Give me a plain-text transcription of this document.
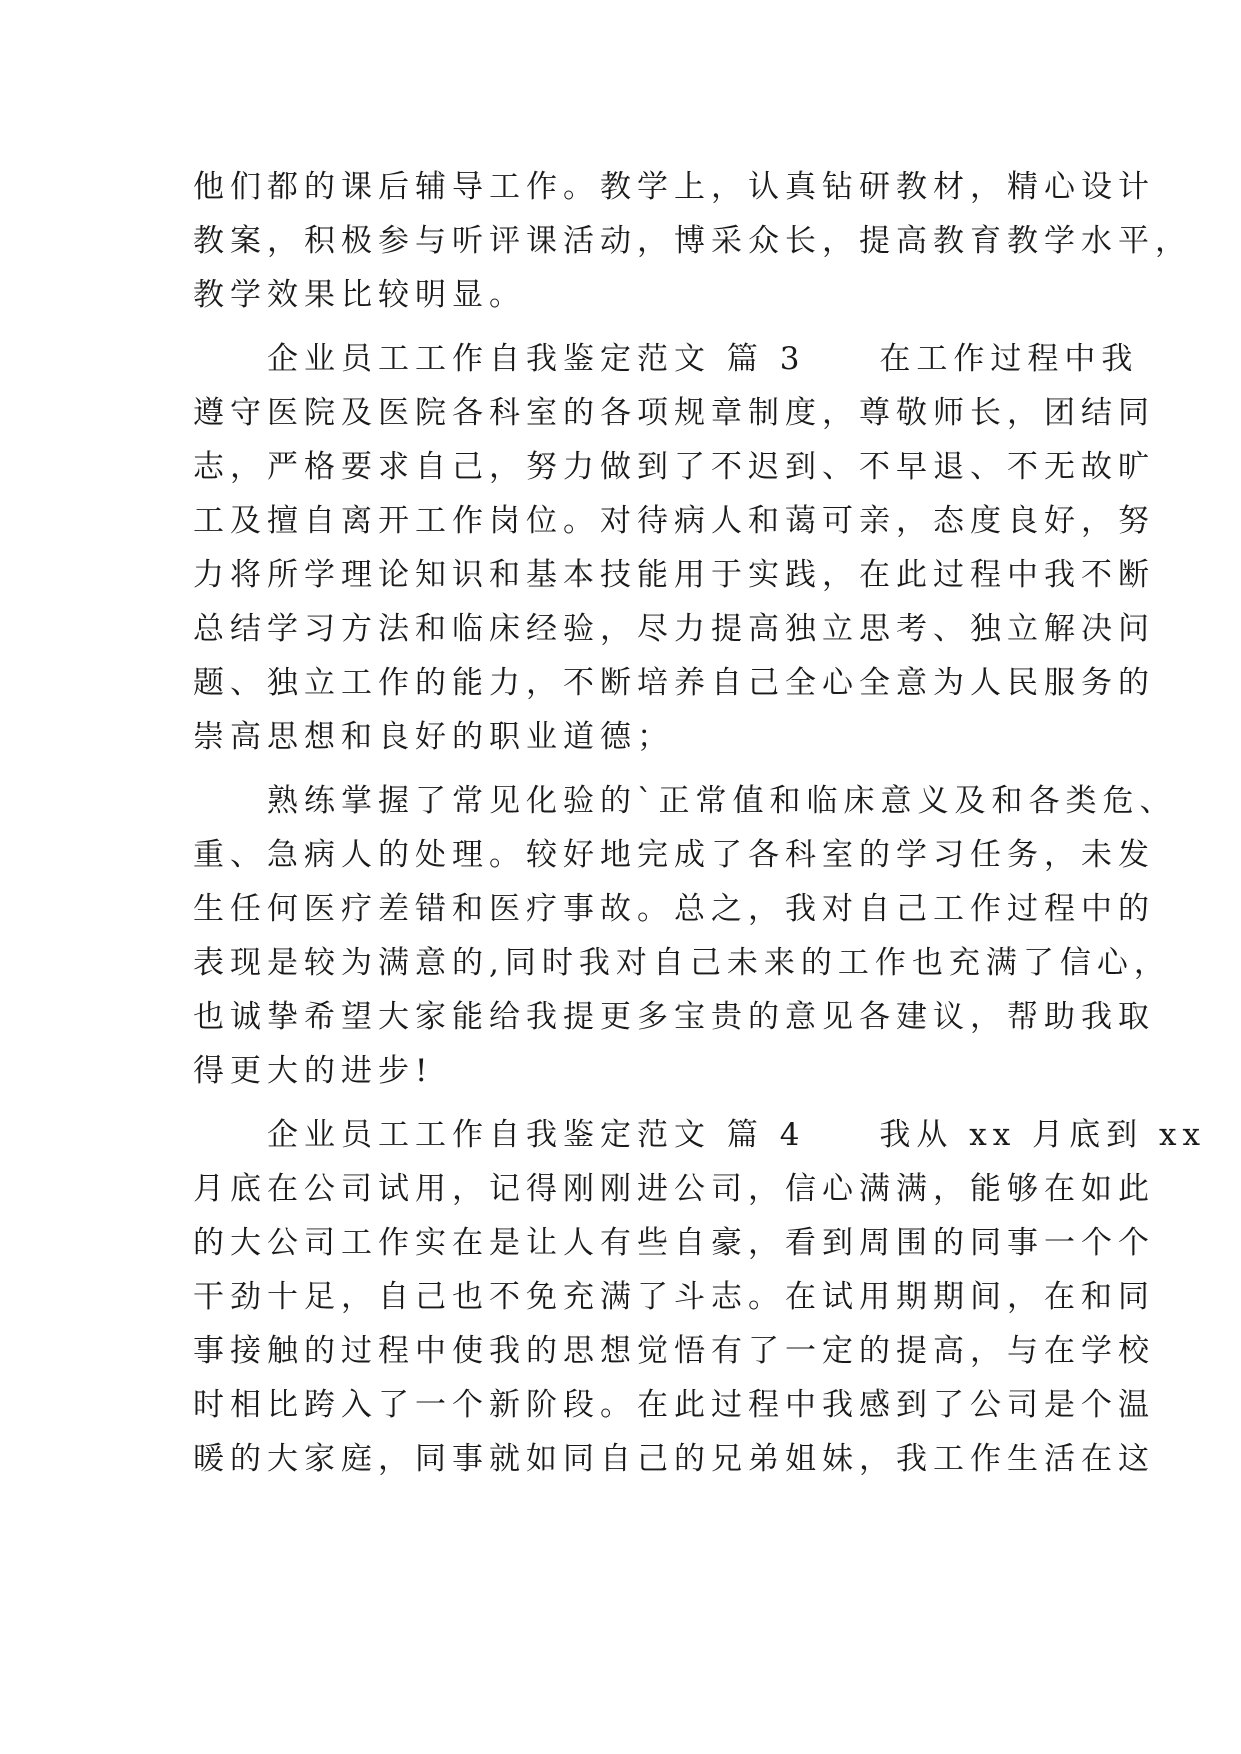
他们都的课后辅导工作。教学上，认真钻研教材，精心设计
教案，积极参与听评课活动，博采众长，提高教育教学水平，
教学效果比较明显。
　　企业员工工作自我鉴定范文 篇 3　　在工作过程中我
遵守医院及医院各科室的各项规章制度，尊敬师长，团结同
志，严格要求自己，努力做到了不迟到、不早退、不无故旷
工及擅自离开工作岗位。对待病人和蔼可亲，态度良好，努
力将所学理论知识和基本技能用于实践，在此过程中我不断
总结学习方法和临床经验，尽力提高独立思考、独立解决问
题、独立工作的能力，不断培养自己全心全意为人民服务的
崇高思想和良好的职业道德；
　　熟练掌握了常见化验的`正常值和临床意义及和各类危、
重、急病人的处理。较好地完成了各科室的学习任务，未发
生任何医疗差错和医疗事故。总之，我对自己工作过程中的
表现是较为满意的,同时我对自己未来的工作也充满了信心，
也诚挚希望大家能给我提更多宝贵的意见各建议，帮助我取
得更大的进步!
　　企业员工工作自我鉴定范文 篇 4　　我从 xx 月底到 xx
月底在公司试用，记得刚刚进公司，信心满满，能够在如此
的大公司工作实在是让人有些自豪，看到周围的同事一个个
干劲十足，自己也不免充满了斗志。在试用期期间，在和同
事接触的过程中使我的思想觉悟有了一定的提高，与在学校
时相比跨入了一个新阶段。在此过程中我感到了公司是个温
暖的大家庭，同事就如同自己的兄弟姐妹，我工作生活在这
